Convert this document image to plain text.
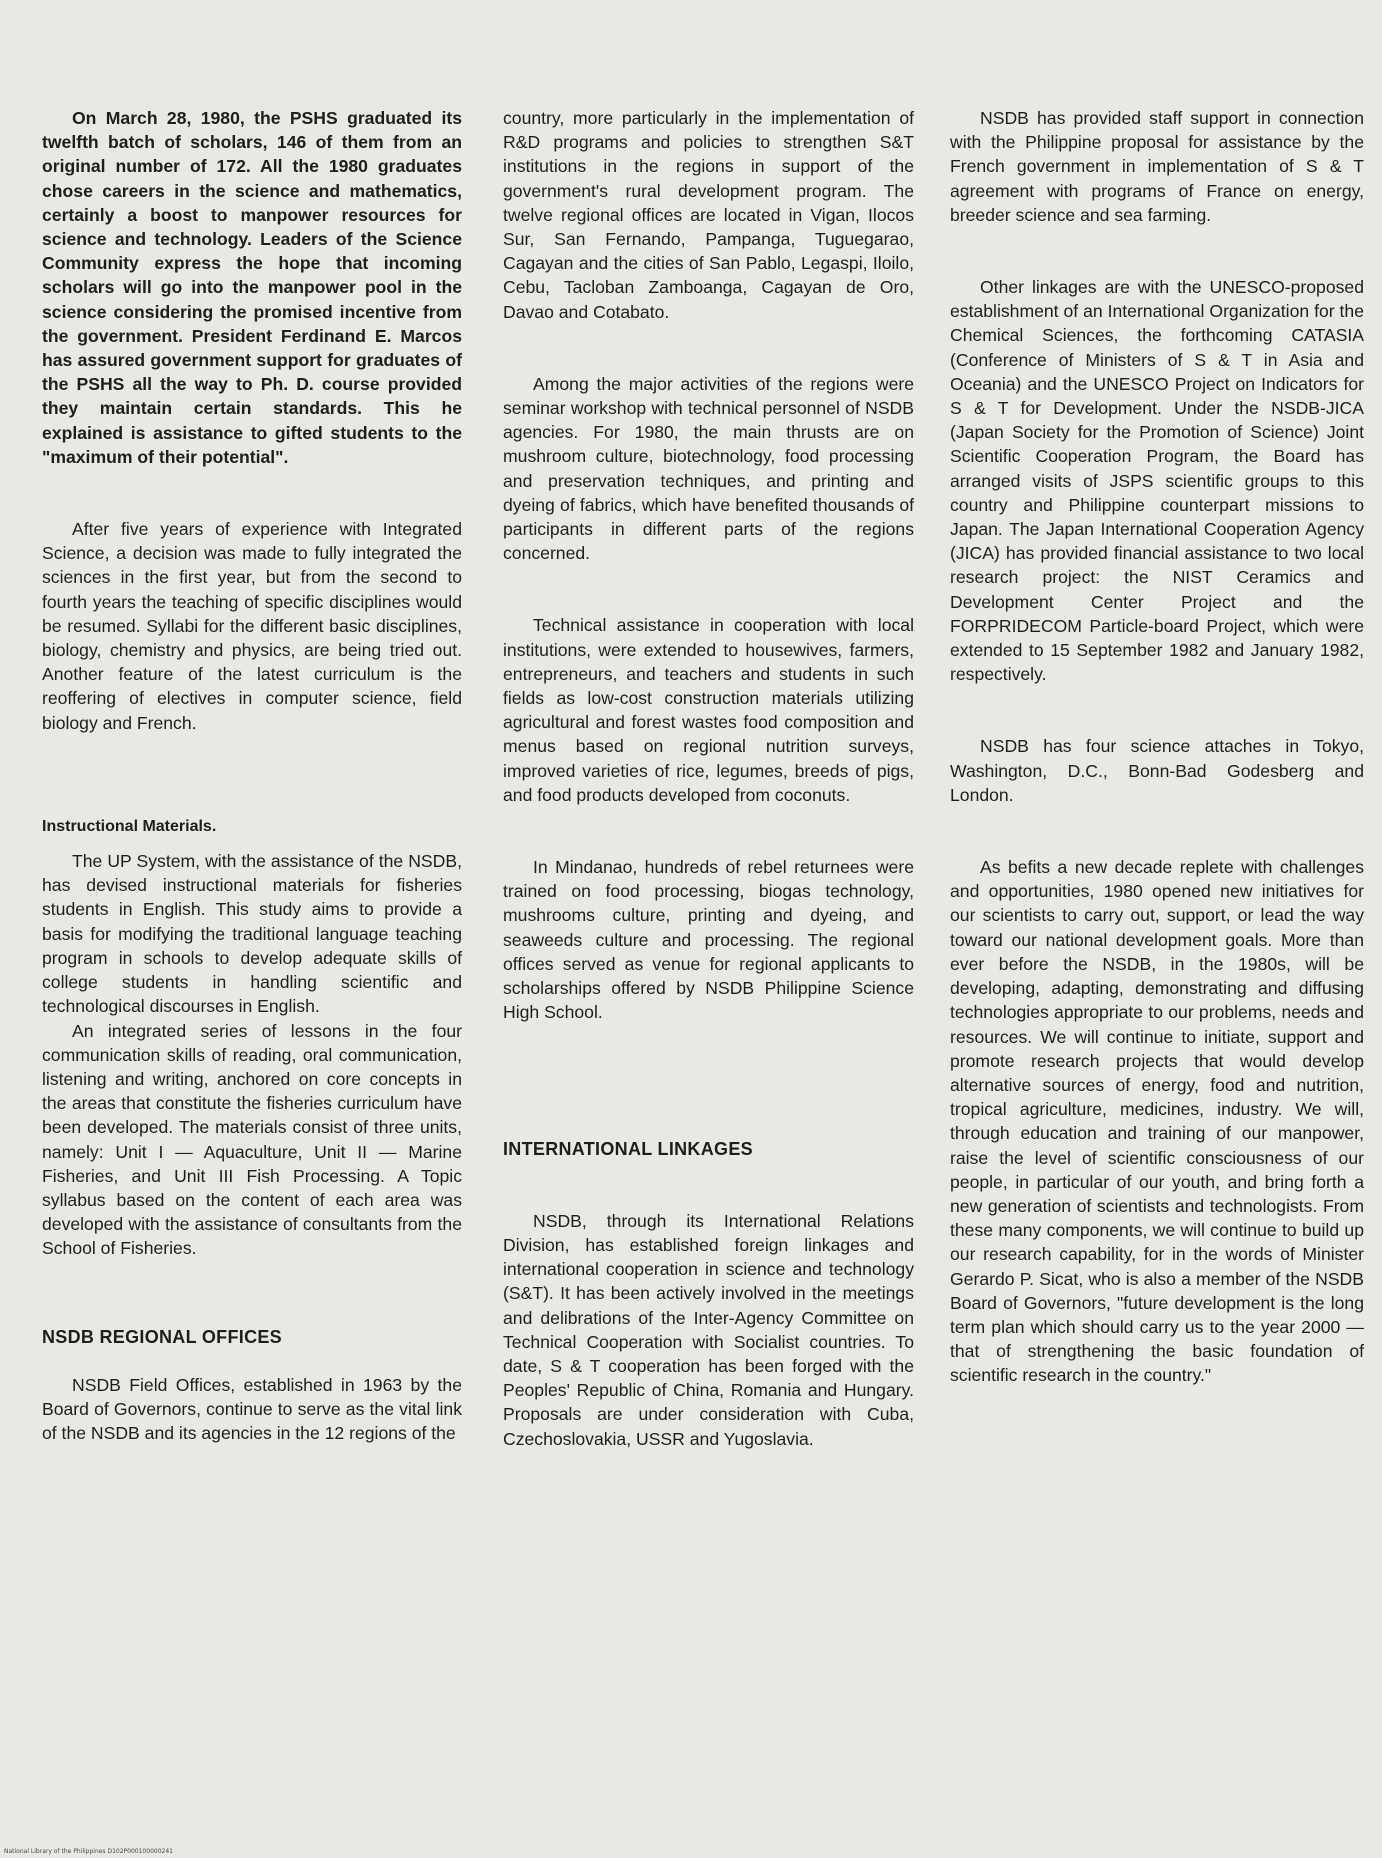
On March 28, 1980, the PSHS graduated its twelfth batch of scholars, 146 of them from an original number of 172. All the 1980 graduates chose careers in the science and mathematics, certainly a boost to manpower resources for science and technology. Leaders of the Science Community express the hope that incoming scholars will go into the manpower pool in the science considering the promised incentive from the government. President Ferdinand E. Marcos has assured government support for graduates of the PSHS all the way to Ph. D. course provided they maintain certain standards. This he explained is assistance to gifted students to the "maximum of their potential".

After five years of experience with Integrated Science, a decision was made to fully integrated the sciences in the first year, but from the second to fourth years the teaching of specific disciplines would be resumed. Syllabi for the different basic disciplines, biology, chemistry and physics, are being tried out. Another feature of the latest curriculum is the reoffering of electives in computer science, field biology and French.

Instructional Materials.

The UP System, with the assistance of the NSDB, has devised instructional materials for fisheries students in English. This study aims to provide a basis for modifying the traditional language teaching program in schools to develop adequate skills of college students in handling scientific and technological discourses in English.

An integrated series of lessons in the four communication skills of reading, oral communication, listening and writing, anchored on core concepts in the areas that constitute the fisheries curriculum have been developed. The materials consist of three units, namely: Unit I — Aquaculture, Unit II — Marine Fisheries, and Unit III Fish Processing. A Topic syllabus based on the content of each area was developed with the assistance of consultants from the School of Fisheries.

NSDB REGIONAL OFFICES

NSDB Field Offices, established in 1963 by the Board of Governors, continue to serve as the vital link of the NSDB and its agencies in the 12 regions of the

country, more particularly in the implementation of R&D programs and policies to strengthen S&T institutions in the regions in support of the government's rural development program. The twelve regional offices are located in Vigan, Ilocos Sur, San Fernando, Pampanga, Tuguegarao, Cagayan and the cities of San Pablo, Legaspi, Iloilo, Cebu, Tacloban Zamboanga, Cagayan de Oro, Davao and Cotabato.

Among the major activities of the regions were seminar workshop with technical personnel of NSDB agencies. For 1980, the main thrusts are on mushroom culture, biotechnology, food processing and preservation techniques, and printing and dyeing of fabrics, which have benefited thousands of participants in different parts of the regions concerned.

Technical assistance in cooperation with local institutions, were extended to housewives, farmers, entrepreneurs, and teachers and students in such fields as low-cost construction materials utilizing agricultural and forest wastes food composition and menus based on regional nutrition surveys, improved varieties of rice, legumes, breeds of pigs, and food products developed from coconuts.

In Mindanao, hundreds of rebel returnees were trained on food processing, biogas technology, mushrooms culture, printing and dyeing, and seaweeds culture and processing. The regional offices served as venue for regional applicants to scholarships offered by NSDB Philippine Science High School.

INTERNATIONAL LINKAGES

NSDB, through its International Relations Division, has established foreign linkages and international cooperation in science and technology (S&T). It has been actively involved in the meetings and delibrations of the Inter-Agency Committee on Technical Cooperation with Socialist countries. To date, S & T cooperation has been forged with the Peoples' Republic of China, Romania and Hungary. Proposals are under consideration with Cuba, Czechoslovakia, USSR and Yugoslavia.

NSDB has provided staff support in connection with the Philippine proposal for assistance by the French government in implementation of S & T agreement with programs of France on energy, breeder science and sea farming.

Other linkages are with the UNESCO-proposed establishment of an International Organization for the Chemical Sciences, the forthcoming CATASIA (Conference of Ministers of S & T in Asia and Oceania) and the UNESCO Project on Indicators for S & T for Development. Under the NSDB-JICA (Japan Society for the Promotion of Science) Joint Scientific Cooperation Program, the Board has arranged visits of JSPS scientific groups to this country and Philippine counterpart missions to Japan. The Japan International Cooperation Agency (JICA) has provided financial assistance to two local research project: the NIST Ceramics and Development Center Project and the FORPRIDECOM Particle-board Project, which were extended to 15 September 1982 and January 1982, respectively.

NSDB has four science attaches in Tokyo, Washington, D.C., Bonn-Bad Godesberg and London.

As befits a new decade replete with challenges and opportunities, 1980 opened new initiatives for our scientists to carry out, support, or lead the way toward our national development goals. More than ever before the NSDB, in the 1980s, will be developing, adapting, demonstrating and diffusing technologies appropriate to our problems, needs and resources. We will continue to initiate, support and promote research projects that would develop alternative sources of energy, food and nutrition, tropical agriculture, medicines, industry. We will, through education and training of our manpower, raise the level of scientific consciousness of our people, in particular of our youth, and bring forth a new generation of scientists and technologists. From these many components, we will continue to build up our research capability, for in the words of Minister Gerardo P. Sicat, who is also a member of the NSDB Board of Governors, "future development is the long term plan which should carry us to the year 2000 — that of strengthening the basic foundation of scientific research in the country."

National Library of the Philippines D102P000100000241
